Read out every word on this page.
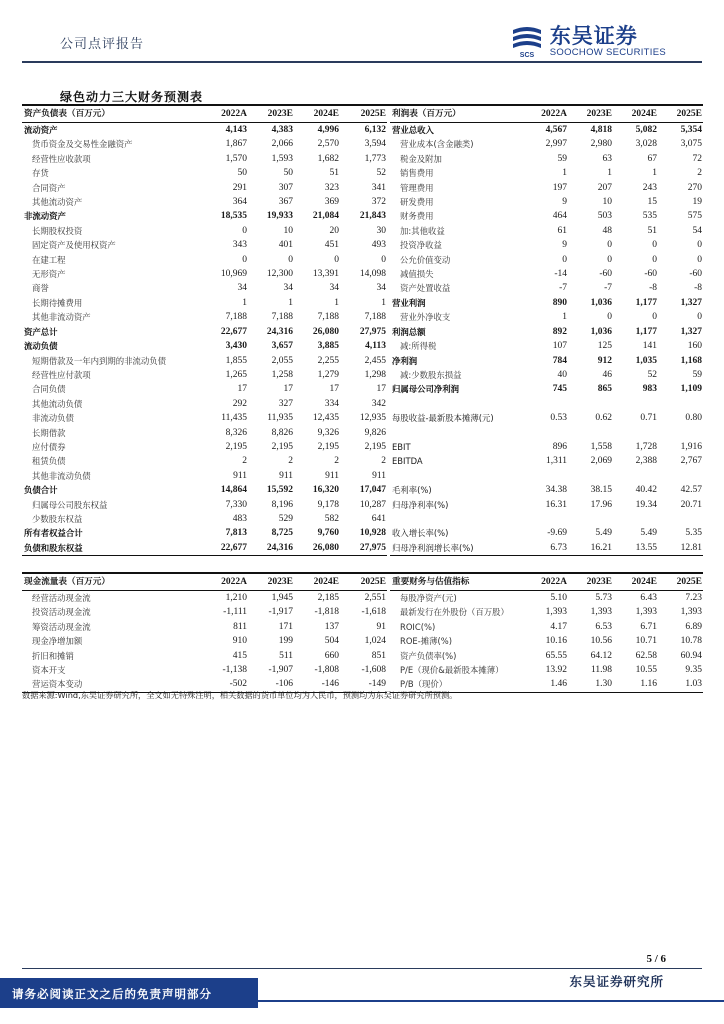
公司点评报告
SCS
东吴证券
SOOCHOW SECURITIES
绿色动力三大财务预测表
资产负债表（百万元）	2022A	2023E	2024E	2025E
流动资产	4,143	4,383	4,996	6,132
货币资金及交易性金融资产	1,867	2,066	2,570	3,594
经营性应收款项	1,570	1,593	1,682	1,773
存货	50	50	51	52
合同资产	291	307	323	341
其他流动资产	364	367	369	372
非流动资产	18,535	19,933	21,084	21,843
长期股权投资	0	10	20	30
固定资产及使用权资产	343	401	451	493
在建工程	0	0	0	0
无形资产	10,969	12,300	13,391	14,098
商誉	34	34	34	34
长期待摊费用	1	1	1	1
其他非流动资产	7,188	7,188	7,188	7,188
资产总计	22,677	24,316	26,080	27,975
流动负债	3,430	3,657	3,885	4,113
短期借款及一年内到期的非流动负债	1,855	2,055	2,255	2,455
经营性应付款项	1,265	1,258	1,279	1,298
合同负债	17	17	17	17
其他流动负债	292	327	334	342
非流动负债	11,435	11,935	12,435	12,935
长期借款	8,326	8,826	9,326	9,826
应付债券	2,195	2,195	2,195	2,195
租赁负债	2	2	2	2
其他非流动负债	911	911	911	911
负债合计	14,864	15,592	16,320	17,047
归属母公司股东权益	7,330	8,196	9,178	10,287
少数股东权益	483	529	582	641
所有者权益合计	7,813	8,725	9,760	10,928
负债和股东权益	22,677	24,316	26,080	27,975
利润表（百万元）	2022A	2023E	2024E	2025E
营业总收入	4,567	4,818	5,082	5,354
营业成本(含金融类)	2,997	2,980	3,028	3,075
税金及附加	59	63	67	72
销售费用	1	1	1	2
管理费用	197	207	243	270
研发费用	9	10	15	19
财务费用	464	503	535	575
加:其他收益	61	48	51	54
投资净收益	9	0	0	0
公允价值变动	0	0	0	0
减值损失	-14	-60	-60	-60
资产处置收益	-7	-7	-8	-8
营业利润	890	1,036	1,177	1,327
营业外净收支	1	0	0	0
利润总额	892	1,036	1,177	1,327
减:所得税	107	125	141	160
净利润	784	912	1,035	1,168
减:少数股东损益	40	46	52	59
归属母公司净利润	745	865	983	1,109

每股收益-最新股本摊薄(元)	0.53	0.62	0.71	0.80

EBIT	896	1,558	1,728	1,916
EBITDA	1,311	2,069	2,388	2,767

毛利率(%)	34.38	38.15	40.42	42.57
归母净利率(%)	16.31	17.96	19.34	20.71

收入增长率(%)	-9.69	5.49	5.49	5.35
归母净利润增长率(%)	6.73	16.21	13.55	12.81
现金流量表（百万元）	2022A	2023E	2024E	2025E
经营活动现金流	1,210	1,945	2,185	2,551
投资活动现金流	-1,111	-1,917	-1,818	-1,618
筹资活动现金流	811	171	137	91
现金净增加额	910	199	504	1,024
折旧和摊销	415	511	660	851
资本开支	-1,138	-1,907	-1,808	-1,608
营运资本变动	-502	-106	-146	-149
重要财务与估值指标	2022A	2023E	2024E	2025E
每股净资产(元)	5.10	5.73	6.43	7.23
最新发行在外股份（百万股）	1,393	1,393	1,393	1,393
ROIC(%)	4.17	6.53	6.71	6.89
ROE-摊薄(%)	10.16	10.56	10.71	10.78
资产负债率(%)	65.55	64.12	62.58	60.94
P/E（现价&最新股本摊薄）	13.92	11.98	10.55	9.35
P/B（现价）	1.46	1.30	1.16	1.03
数据来源:Wind,东吴证券研究所，全文如无特殊注明，相关数据的货币单位均为人民币，预测均为东吴证券研究所预测。
5 / 6
东吴证券研究所
请务必阅读正文之后的免责声明部分
